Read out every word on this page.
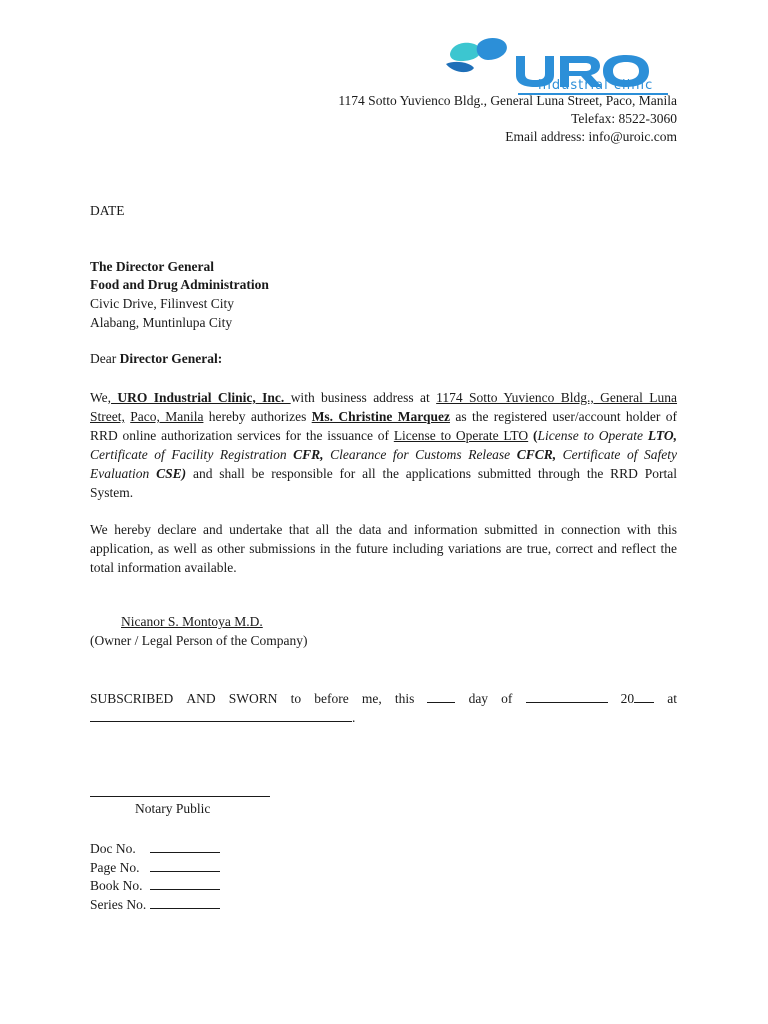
industrial clinic
1174 Sotto Yuvienco Bldg., General Luna Street, Paco, Manila
Telefax: 8522-3060
Email address: info@uroic.com
DATE
The Director General
Food and Drug Administration
Civic Drive, Filinvest City
Alabang, Muntinlupa City
Dear Director General:
We, URO Industrial Clinic, Inc. with business address at 1174 Sotto Yuvienco Bldg., General Luna
Street, Paco, Manila hereby authorizes Ms. Christine Marquez as the registered user/account holder of
RRD online authorization services for the issuance of License to Operate LTO (License to Operate LTO,
Certificate of Facility Registration CFR, Clearance for Customs Release CFCR, Certificate of Safety
Evaluation CSE) and shall be responsible for all the applications submitted through the RRD Portal
System.
We hereby declare and undertake that all the data and information submitted in connection with this
application, as well as other submissions in the future including variations are true, correct and reflect the
total information available.
Nicanor S. Montoya M.D.
(Owner / Legal Person of the Company)
SUBSCRIBED AND SWORN to before me, this	day of	20	at
.
Notary Public
Doc No.
Page No.
Book No.
Series No.
